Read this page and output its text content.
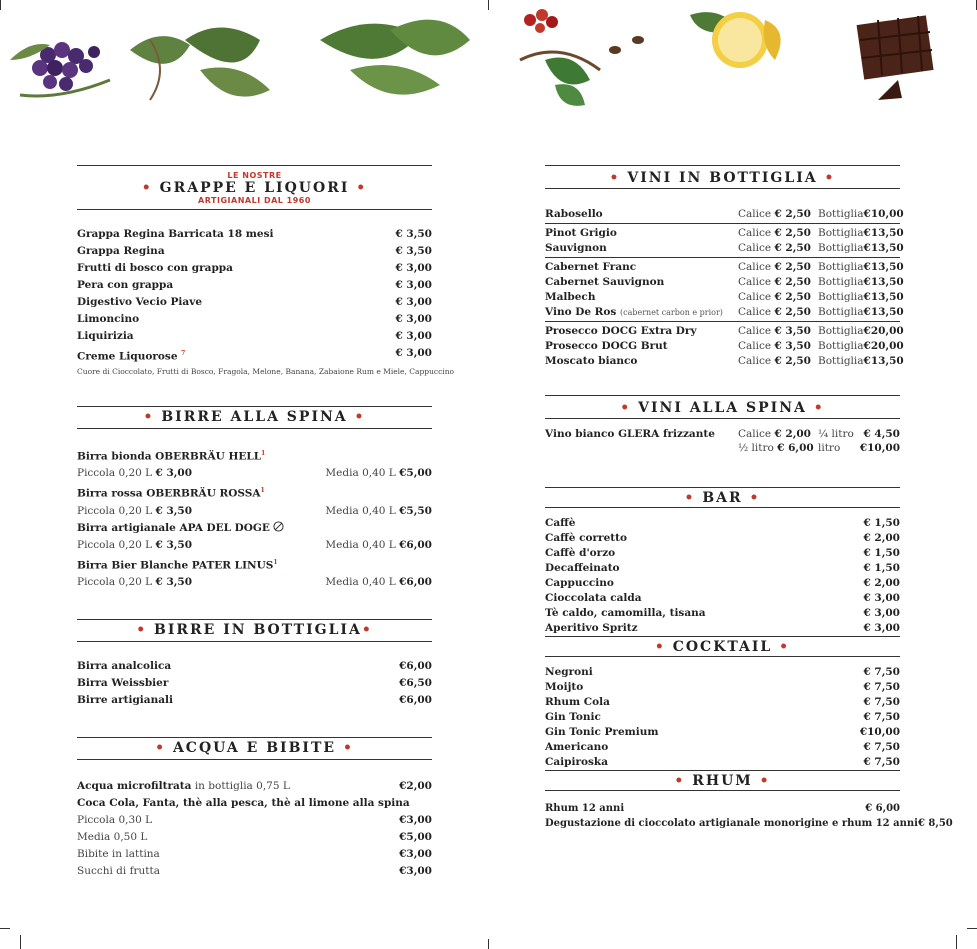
LE NOSTRE
• GRAPPE E LIQUORI •
ARTIGIANALI DAL 1960
Grappa Regina Barricata 18 mesi	€ 3,50
Grappa Regina	€ 3,50
Frutti di bosco con grappa	€ 3,00
Pera con grappa	€ 3,00
Digestivo Vecio Piave	€ 3,00
Limoncino	€ 3,00
Liquirizia	€ 3,00
Creme Liquorose $^7$	€ 3,00
Cuore di Cioccolato, Frutti di Bosco, Fragola, Melone, Banana, Zabaione Rum e Miele, Cappuccino
• BIRRE ALLA SPINA •
Birra bionda OBERBRÄU HELL$^1$
Piccola 0,20 L € 3,00	Media 0,40 L €5,00
Birra rossa OBERBRÄU ROSSA$^1$
Piccola 0,20 L € 3,50	Media 0,40 L €5,50
Birra artigianale APA DEL DOGE
Piccola 0,20 L € 3,50	Media 0,40 L €6,00
Birra Bier Blanche PATER LINUS$^1$
Piccola 0,20 L € 3,50	Media 0,40 L €6,00
• BIRRE IN BOTTIGLIA•
Birra analcolica	€6,00
Birra Weissbier	€6,50
Birre artigianali	€6,00
• ACQUA E BIBITE •
Acqua microfiltrata in bottiglia 0,75 L	€2,00
Coca Cola, Fanta, thè alla pesca, thè al limone alla spina
Piccola 0,30 L	€3,00
Media 0,50 L	€5,00
Bibite in lattina	€3,00
Succhi di frutta	€3,00
• VINI IN BOTTIGLIA •
Rabosello	Calice € 2,50 Bottiglia €10,00
Pinot Grigio	Calice € 2,50 Bottiglia €13,50
Sauvignon	Calice € 2,50 Bottiglia €13,50
Cabernet Franc	Calice € 2,50 Bottiglia €13,50
Cabernet Sauvignon	Calice € 2,50 Bottiglia €13,50
Malbech	Calice € 2,50 Bottiglia €13,50
Vino De Ros (cabernet carbon e prior)	Calice € 2,50 Bottiglia €13,50
Prosecco DOCG Extra Dry	Calice € 3,50 Bottiglia €20,00
Prosecco DOCG Brut	Calice € 3,50 Bottiglia €20,00
Moscato bianco	Calice € 2,50 Bottiglia €13,50
• VINI ALLA SPINA •
Vino bianco GLERA frizzante	Calice € 2,00 ¼ litro € 4,50
½ litro € 6,00 litro €10,00
• BAR •
Caffè	€ 1,50
Caffè corretto	€ 2,00
Caffè d'orzo	€ 1,50
Decaffeinato	€ 1,50
Cappuccino	€ 2,00
Cioccolata calda	€ 3,00
Tè caldo, camomilla, tisana	€ 3,00
Aperitivo Spritz	€ 3,00
• COCKTAIL •
Negroni	€ 7,50
Moijto	€ 7,50
Rhum Cola	€ 7,50
Gin Tonic	€ 7,50
Gin Tonic Premium	€10,00
Americano	€ 7,50
Caipiroska	€ 7,50
• RHUM •
Rhum 12 anni	€ 6,00
Degustazione di cioccolato artigianale monorigine e rhum 12 anni € 8,50
